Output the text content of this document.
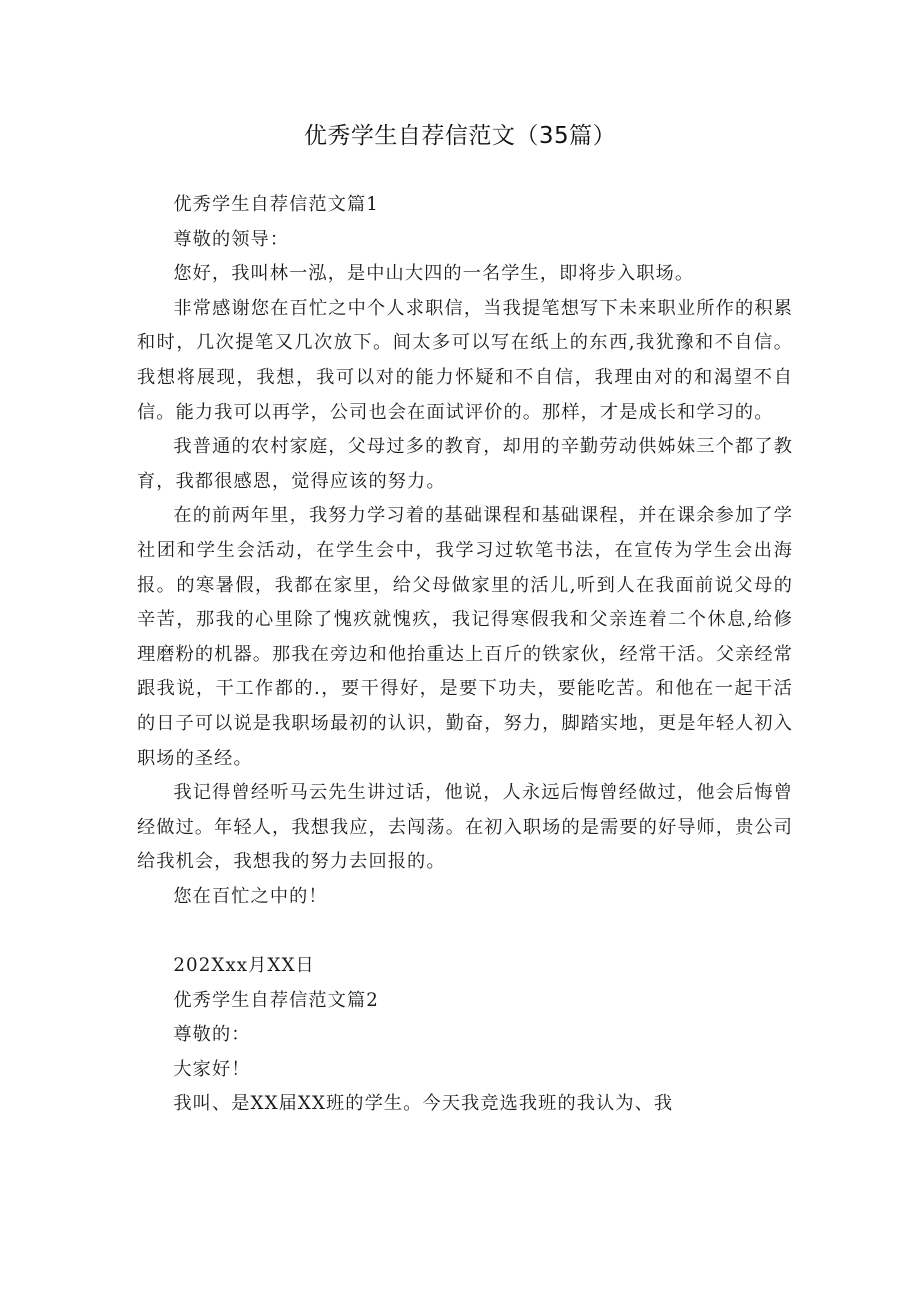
优秀学生自荐信范文（35篇）

优秀学生自荐信范文篇1

尊敬的领导：

您好，我叫林一泓，是中山大四的一名学生，即将步入职场。

非常感谢您在百忙之中个人求职信，当我提笔想写下未来职业所作的积累和时，几次提笔又几次放下。间太多可以写在纸上的东西,我犹豫和不自信。我想将展现，我想，我可以对的能力怀疑和不自信，我理由对的和渴望不自信。能力我可以再学，公司也会在面试评价的。那样，才是成长和学习的。

我普通的农村家庭，父母过多的教育，却用的辛勤劳动供姊妹三个都了教育，我都很感恩，觉得应该的努力。

在的前两年里，我努力学习着的基础课程和基础课程，并在课余参加了学社团和学生会活动，在学生会中，我学习过软笔书法，在宣传为学生会出海报。的寒暑假，我都在家里，给父母做家里的活儿,听到人在我面前说父母的辛苦，那我的心里除了愧疚就愧疚，我记得寒假我和父亲连着二个休息,给修理磨粉的机器。那我在旁边和他抬重达上百斤的铁家伙，经常干活。父亲经常跟我说，干工作都的.，要干得好，是要下功夫，要能吃苦。和他在一起干活的日子可以说是我职场最初的认识，勤奋，努力，脚踏实地，更是年轻人初入职场的圣经。

我记得曾经听马云先生讲过话，他说，人永远后悔曾经做过，他会后悔曾经做过。年轻人，我想我应，去闯荡。在初入职场的是需要的好导师，贵公司给我机会，我想我的努力去回报的。

您在百忙之中的！

202Xxx月XX日

优秀学生自荐信范文篇2

尊敬的：

大家好！

我叫、是XX届XX班的学生。今天我竞选我班的我认为、我
